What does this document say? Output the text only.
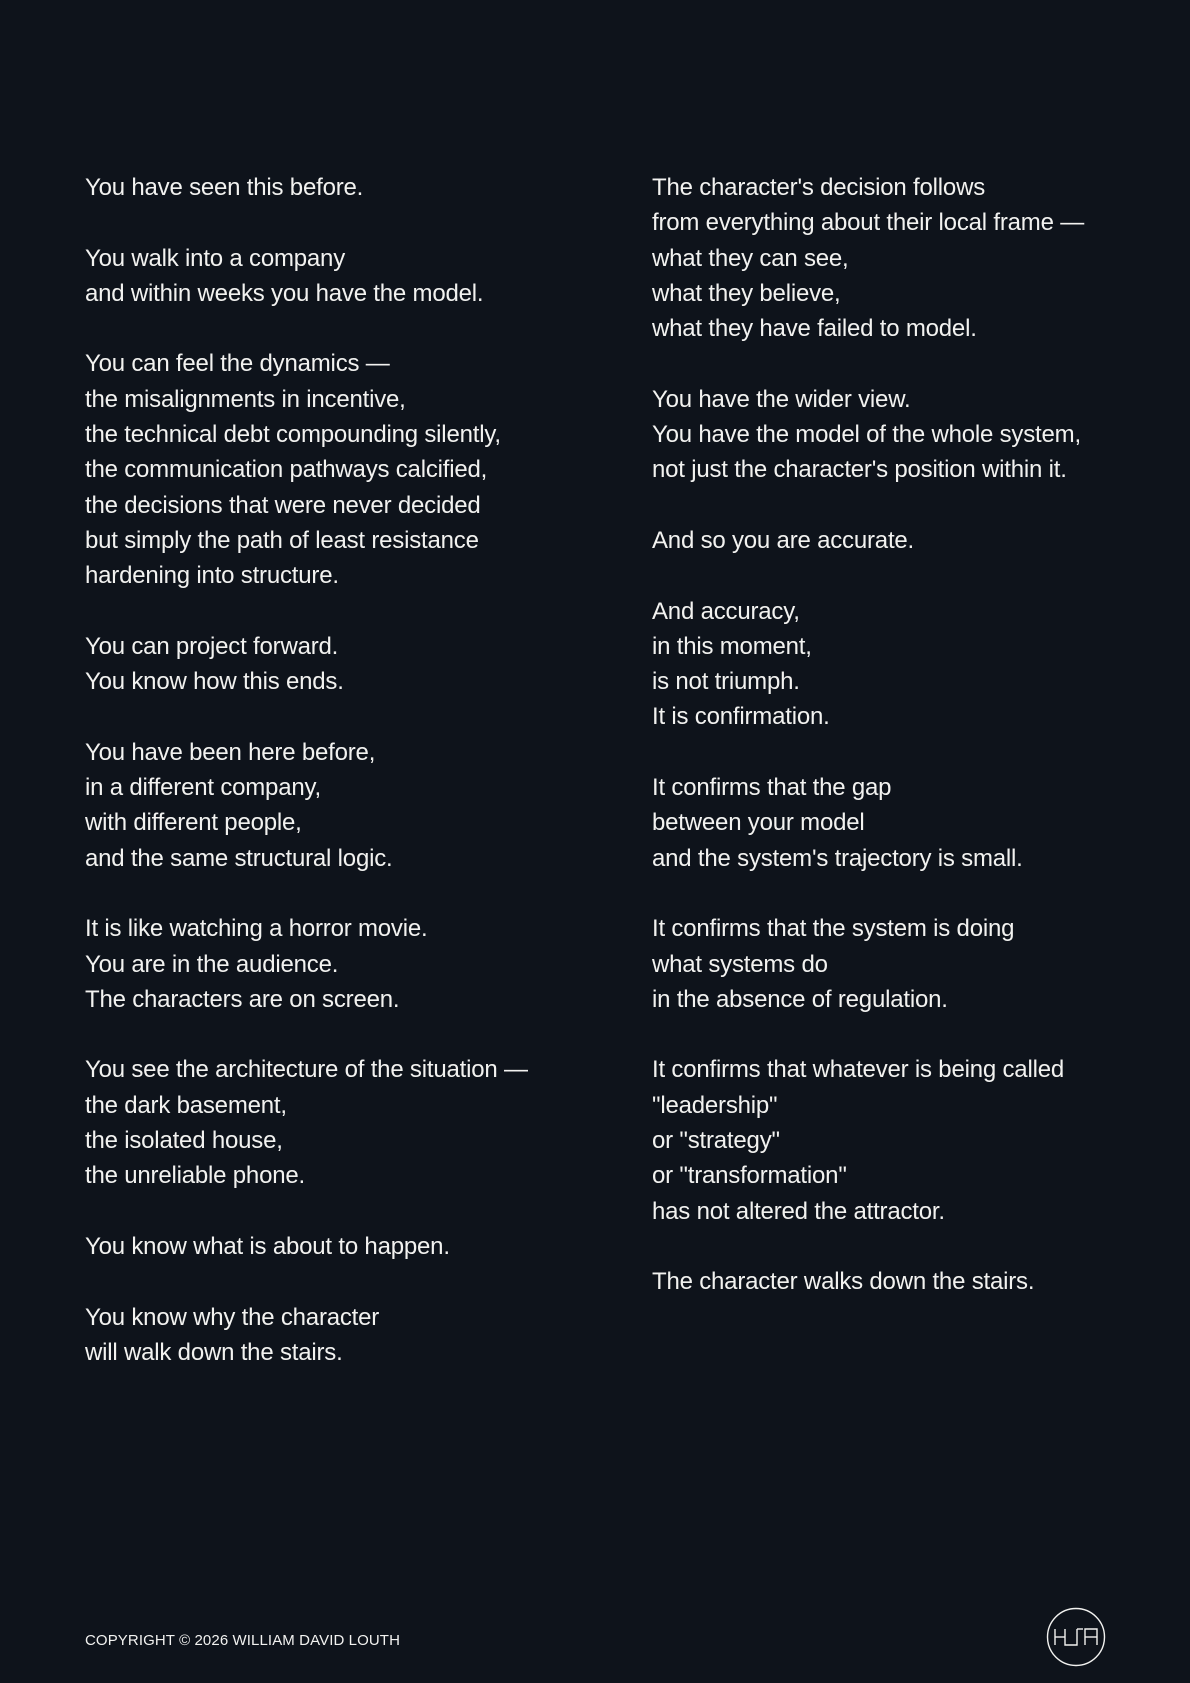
You have seen this before.
You walk into a company
and within weeks you have the model.
You can feel the dynamics —
the misalignments in incentive,
the technical debt compounding silently,
the communication pathways calcified,
the decisions that were never decided
but simply the path of least resistance
hardening into structure.
You can project forward.
You know how this ends.
You have been here before,
in a different company,
with different people,
and the same structural logic.
It is like watching a horror movie.
You are in the audience.
The characters are on screen.
You see the architecture of the situation —
the dark basement,
the isolated house,
the unreliable phone.
You know what is about to happen.
You know why the character
will walk down the stairs.
The character's decision follows
from everything about their local frame —
what they can see,
what they believe,
what they have failed to model.
You have the wider view.
You have the model of the whole system,
not just the character's position within it.
And so you are accurate.
And accuracy,
in this moment,
is not triumph.
It is confirmation.
It confirms that the gap
between your model
and the system's trajectory is small.
It confirms that the system is doing
what systems do
in the absence of regulation.
It confirms that whatever is being called
"leadership"
or "strategy"
or "transformation"
has not altered the attractor.
The character walks down the stairs.
COPYRIGHT © 2026 WILLIAM DAVID LOUTH
